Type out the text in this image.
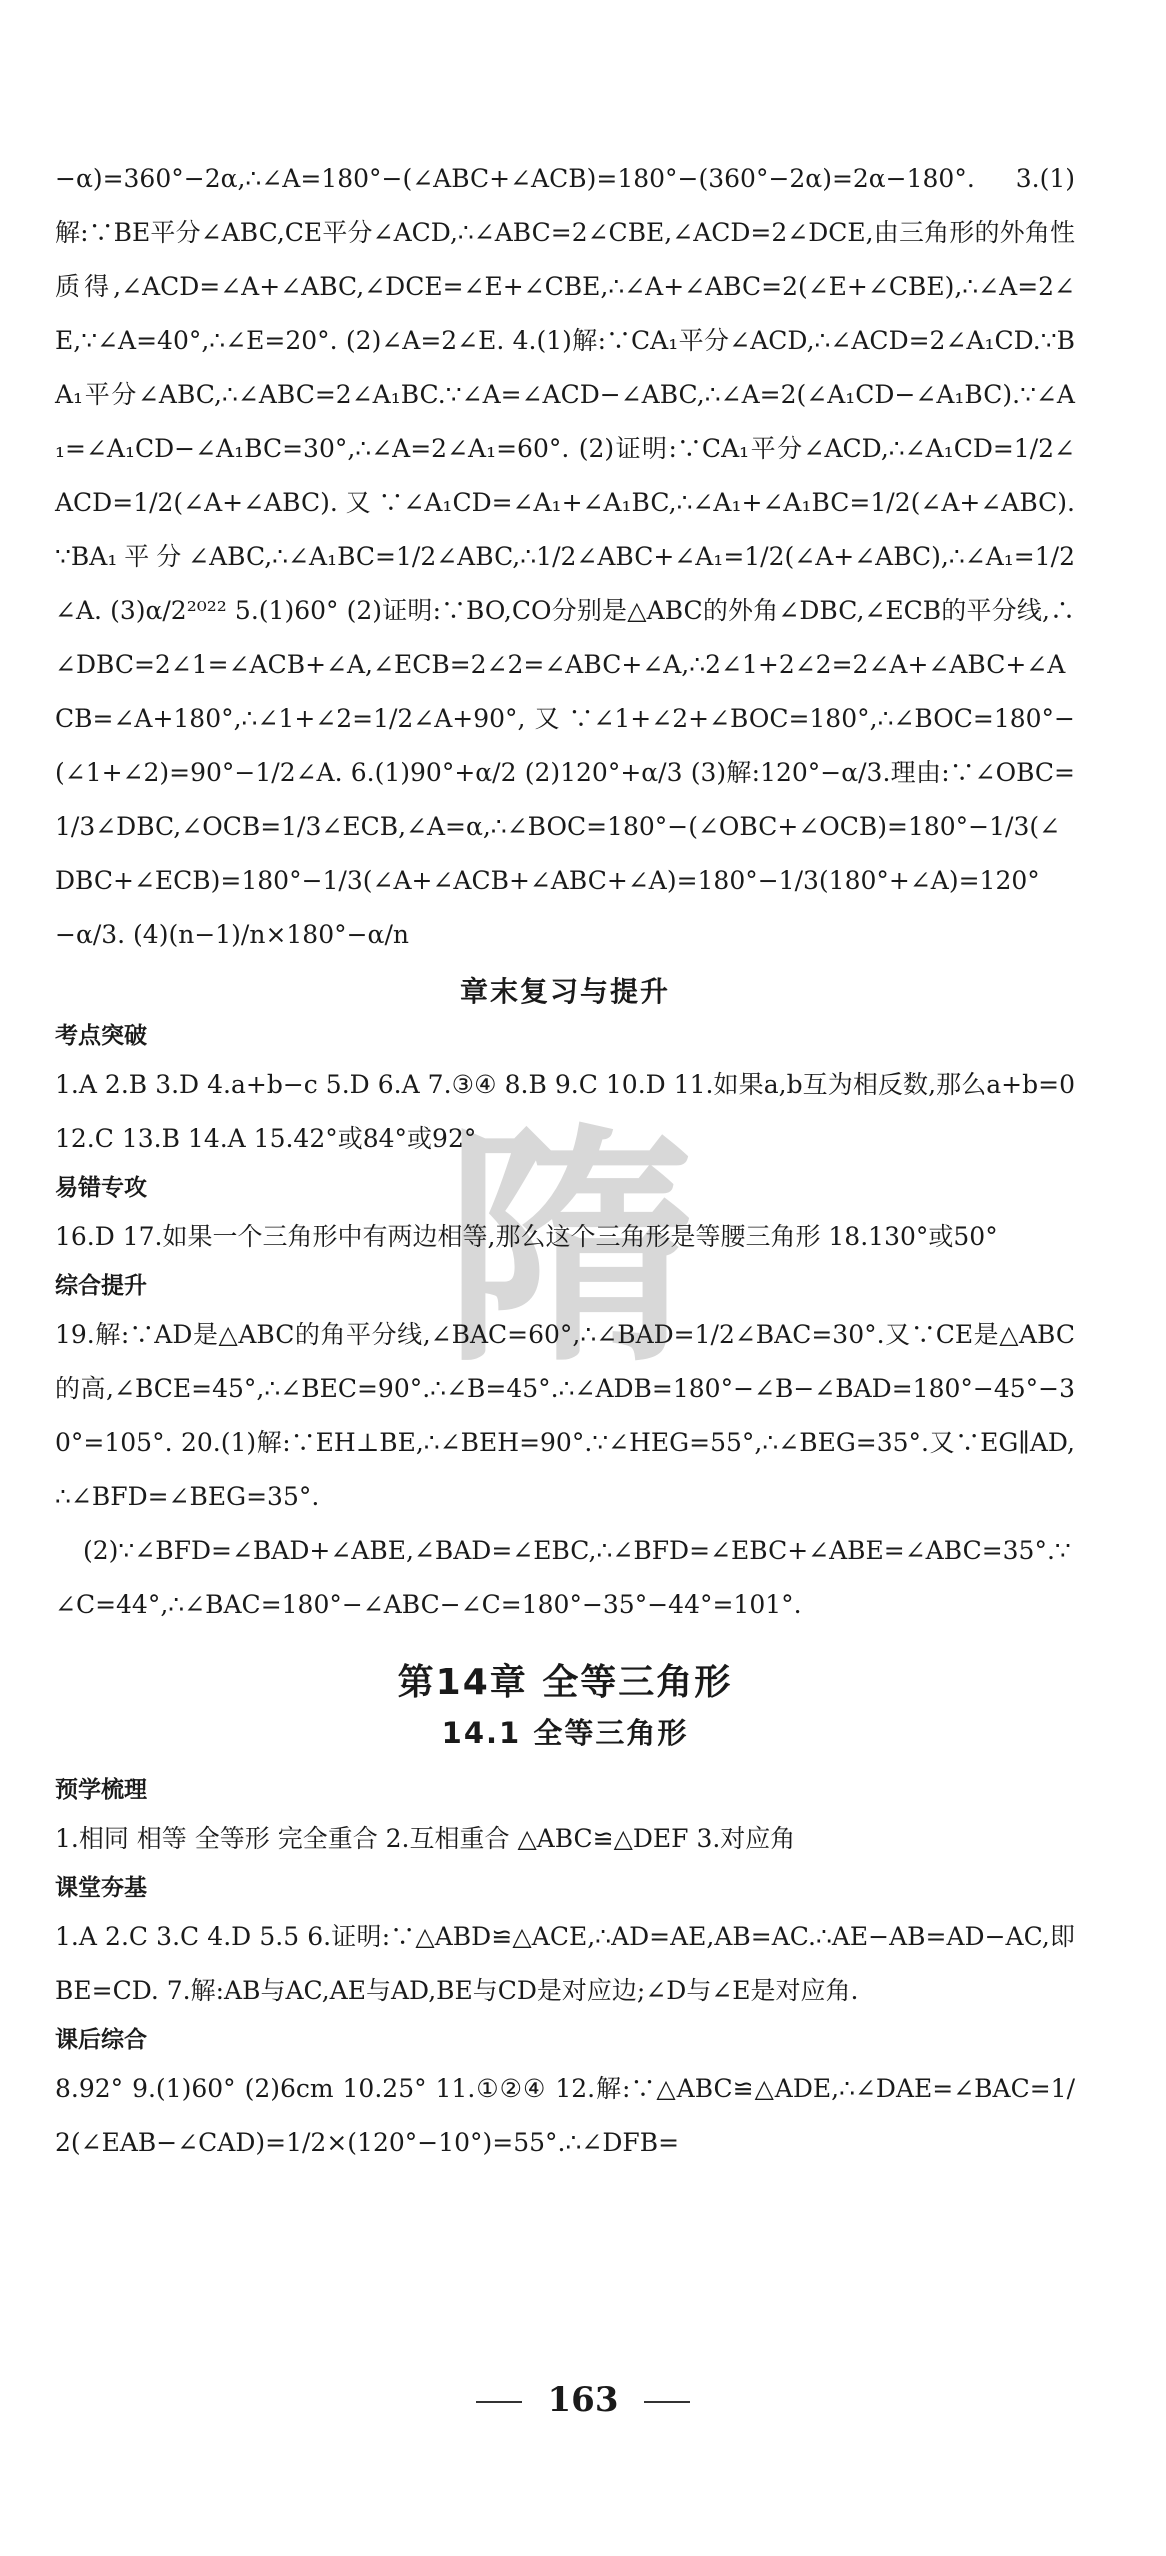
隋

−α)=360°−2α,∴∠A=180°−(∠ABC+∠ACB)=180°−(360°−2α)=2α−180°. 3.(1)解:∵BE平分∠ABC,CE平分∠ACD,∴∠ABC=2∠CBE,∠ACD=2∠DCE,由三角形的外角性质得,∠ACD=∠A+∠ABC,∠DCE=∠E+∠CBE,∴∠A+∠ABC=2(∠E+∠CBE),∴∠A=2∠E,∵∠A=40°,∴∠E=20°. (2)∠A=2∠E. 4.(1)解:∵CA₁平分∠ACD,∴∠ACD=2∠A₁CD.∵BA₁平分∠ABC,∴∠ABC=2∠A₁BC.∵∠A=∠ACD−∠ABC,∴∠A=2(∠A₁CD−∠A₁BC).∵∠A₁=∠A₁CD−∠A₁BC=30°,∴∠A=2∠A₁=60°. (2)证明:∵CA₁平分∠ACD,∴∠A₁CD=1/2∠ACD=1/2(∠A+∠ABC).又∵∠A₁CD=∠A₁+∠A₁BC,∴∠A₁+∠A₁BC=1/2(∠A+∠ABC).∵BA₁平分∠ABC,∴∠A₁BC=1/2∠ABC,∴1/2∠ABC+∠A₁=1/2(∠A+∠ABC),∴∠A₁=1/2∠A. (3)α/2²⁰²² 5.(1)60° (2)证明:∵BO,CO分别是△ABC的外角∠DBC,∠ECB的平分线,∴∠DBC=2∠1=∠ACB+∠A,∠ECB=2∠2=∠ABC+∠A,∴2∠1+2∠2=2∠A+∠ABC+∠ACB=∠A+180°,∴∠1+∠2=1/2∠A+90°,又∵∠1+∠2+∠BOC=180°,∴∠BOC=180°−(∠1+∠2)=90°−1/2∠A. 6.(1)90°+α/2 (2)120°+α/3 (3)解:120°−α/3.理由:∵∠OBC=1/3∠DBC,∠OCB=1/3∠ECB,∠A=α,∴∠BOC=180°−(∠OBC+∠OCB)=180°−1/3(∠DBC+∠ECB)=180°−1/3(∠A+∠ACB+∠ABC+∠A)=180°−1/3(180°+∠A)=120°−α/3. (4)(n−1)/n×180°−α/n

章末复习与提升
考点突破

1.A 2.B 3.D 4.a+b−c 5.D 6.A 7.③④ 8.B 9.C 10.D 11.如果a,b互为相反数,那么a+b=0 12.C 13.B 14.A 15.42°或84°或92°

易错专攻

16.D 17.如果一个三角形中有两边相等,那么这个三角形是等腰三角形 18.130°或50°

综合提升

19.解:∵AD是△ABC的角平分线,∠BAC=60°,∴∠BAD=1/2∠BAC=30°.又∵CE是△ABC的高,∠BCE=45°,∴∠BEC=90°.∴∠B=45°.∴∠ADB=180°−∠B−∠BAD=180°−45°−30°=105°. 20.(1)解:∵EH⊥BE,∴∠BEH=90°.∵∠HEG=55°,∴∠BEG=35°.又∵EG∥AD,∴∠BFD=∠BEG=35°.

(2)∵∠BFD=∠BAD+∠ABE,∠BAD=∠EBC,∴∠BFD=∠EBC+∠ABE=∠ABC=35°.∵∠C=44°,∴∠BAC=180°−∠ABC−∠C=180°−35°−44°=101°.

第14章 全等三角形
14.1 全等三角形
预学梳理

1.相同 相等 全等形 完全重合 2.互相重合 △ABC≌△DEF 3.对应角

课堂夯基

1.A 2.C 3.C 4.D 5.5 6.证明:∵△ABD≌△ACE,∴AD=AE,AB=AC.∴AE−AB=AD−AC,即BE=CD. 7.解:AB与AC,AE与AD,BE与CD是对应边;∠D与∠E是对应角.

课后综合

8.92° 9.(1)60° (2)6cm 10.25° 11.①②④ 12.解:∵△ABC≌△ADE,∴∠DAE=∠BAC=1/2(∠EAB−∠CAD)=1/2×(120°−10°)=55°.∴∠DFB=

163
